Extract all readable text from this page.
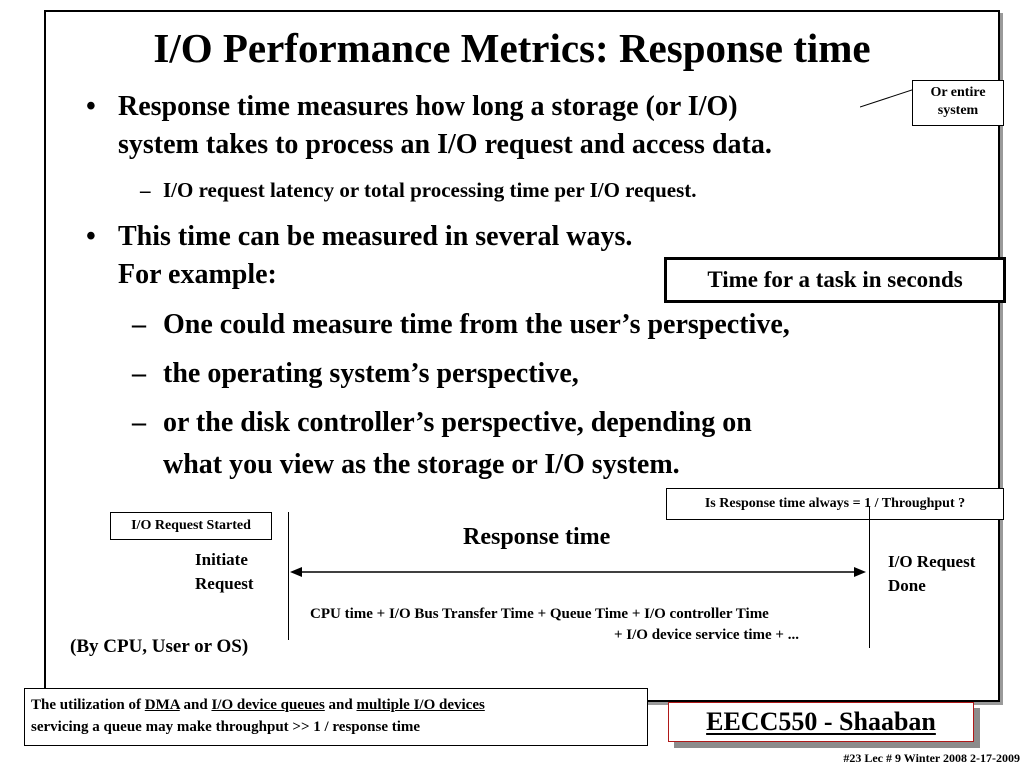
I/O Performance Metrics: Response time
• Response time measures how long a storage (or I/O)
system takes to process an I/O request and access data.
– I/O request latency or total processing time per I/O request.
• This time can be measured in several ways.
For example:
– One could measure time from the user’s perspective,
– the operating system’s perspective,
– or the disk controller’s perspective, depending on
what you view as the storage or I/O system.
Or entire
system
Time for a task in seconds
Is Response time always = 1 / Throughput ?
I/O Request Started
Initiate
Request
Response time
I/O Request
Done
CPU time + I/O Bus Transfer Time + Queue Time + I/O controller Time
+ I/O device service time + ...
(By CPU, User or OS)
The utilization of DMA and I/O device queues and multiple I/O devices
servicing a queue may make throughput >> 1 / response time	EECC550 - Shaaban
#23 Lec # 9 Winter 2008 2-17-2009
